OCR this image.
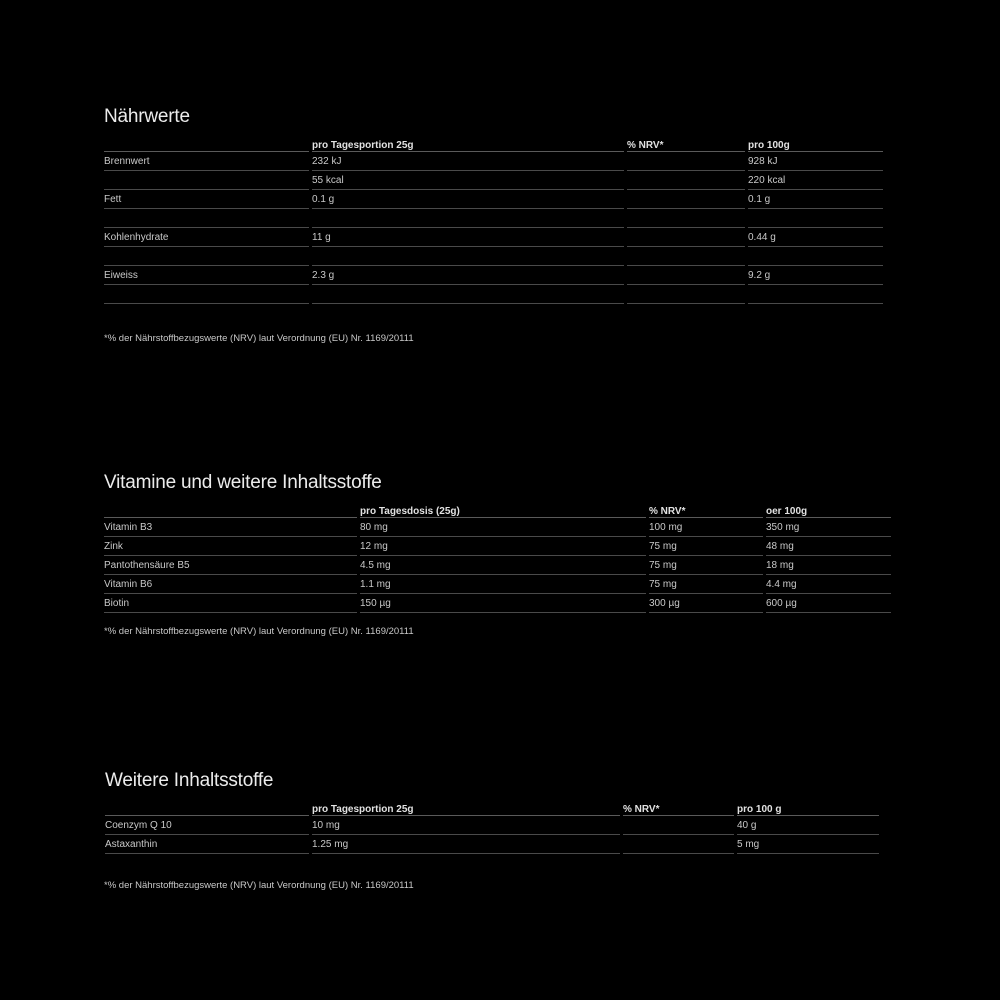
Nährwerte
		pro Tagesportion 25g		% NRV*		pro 100g
Brennwert		232 kJ				928 kJ
		55 kcal				220 kcal
Fett		0.1 g				0.1 g

Kohlenhydrate		11 g				0.44 g

Eiweiss		2.3 g				9.2 g

*% der Nährstoffbezugswerte (NRV) laut Verordnung (EU) Nr. 1169/20111
Vitamine und weitere Inhaltsstoffe
		pro Tagesdosis (25g)		% NRV*		oer 100g
Vitamin B3		80 mg		100 mg		350 mg
Zink		12 mg		75 mg		48 mg
Pantothensäure B5		4.5 mg		75 mg		18 mg
Vitamin B6		1.1 mg		75 mg		4.4 mg
Biotin		150 µg		300 µg		600 µg
*% der Nährstoffbezugswerte (NRV) laut Verordnung (EU) Nr. 1169/20111
Weitere Inhaltsstoffe
		pro Tagesportion 25g		% NRV*		pro 100 g
Coenzym Q 10		10 mg				40 g
Astaxanthin		1.25 mg				5 mg
*% der Nährstoffbezugswerte (NRV) laut Verordnung (EU) Nr. 1169/20111
